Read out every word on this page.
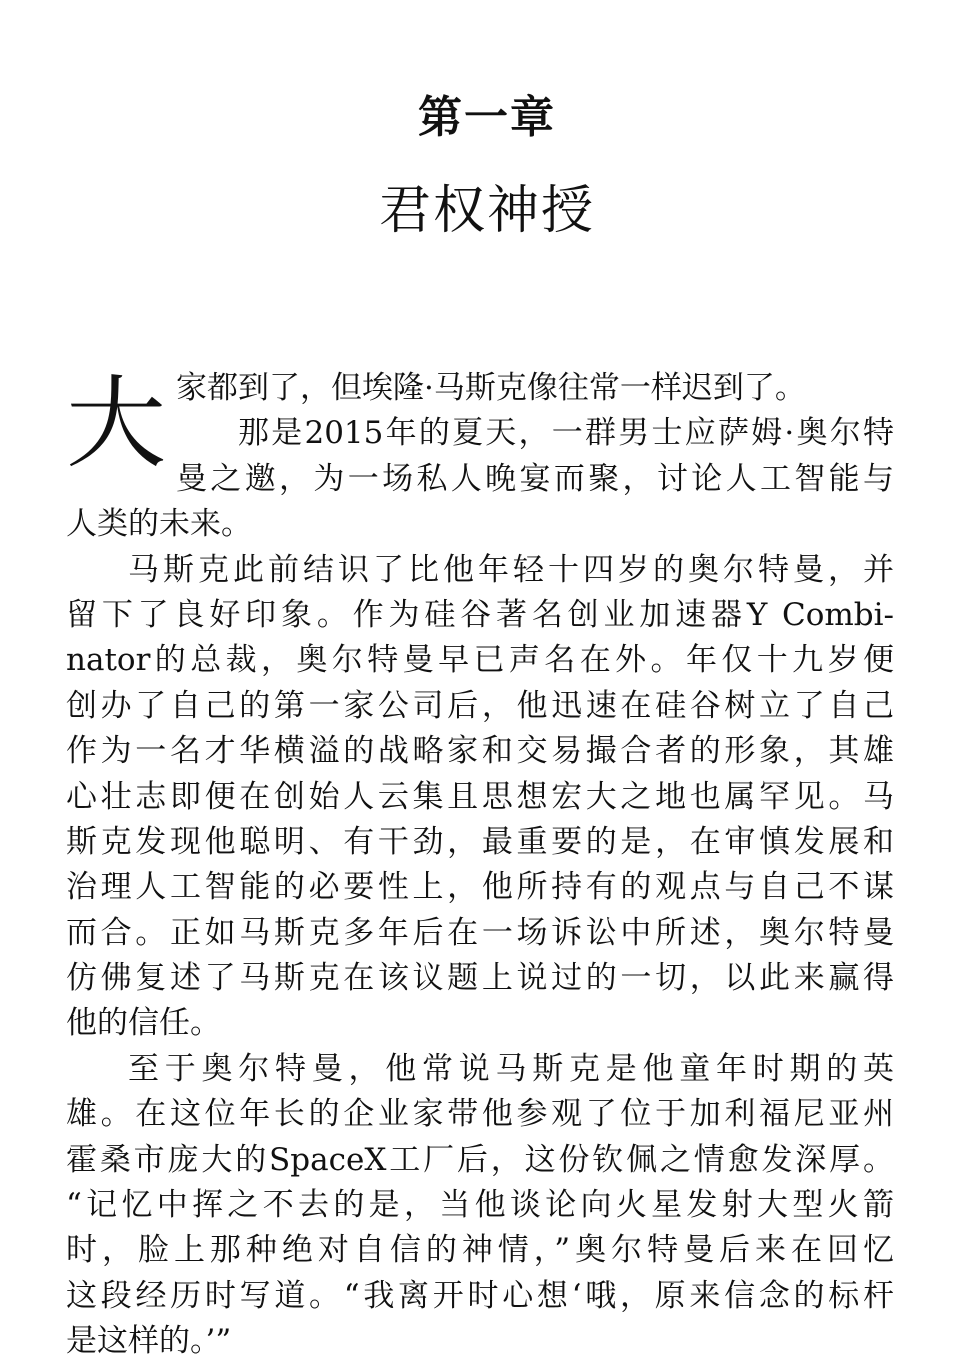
第一章
君权神授
大 家都到了，但埃隆·马斯克像往常一样迟到了。
那是2015年的夏天，一群男士应萨姆·奥尔特
曼之邀，为一场私人晚宴而聚，讨论人工智能与
人类的未来。
马斯克此前结识了比他年轻十四岁的奥尔特曼，并
留下了良好印象。作为硅谷著名创业加速器Y Combi-
nator的总裁，奥尔特曼早已声名在外。年仅十九岁便
创办了自己的第一家公司后，他迅速在硅谷树立了自己
作为一名才华横溢的战略家和交易撮合者的形象，其雄
心壮志即便在创始人云集且思想宏大之地也属罕见。马
斯克发现他聪明、有干劲，最重要的是，在审慎发展和
治理人工智能的必要性上，他所持有的观点与自己不谋
而合。正如马斯克多年后在一场诉讼中所述，奥尔特曼
仿佛复述了马斯克在该议题上说过的一切，以此来赢得
他的信任。
至于奥尔特曼，他常说马斯克是他童年时期的英
雄。在这位年长的企业家带他参观了位于加利福尼亚州
霍桑市庞大的SpaceX工厂后，这份钦佩之情愈发深厚。
“记忆中挥之不去的是，当他谈论向火星发射大型火箭
时，脸上那种绝对自信的神情，”奥尔特曼后来在回忆
这段经历时写道。“我离开时心想‘哦，原来信念的标杆
是这样的。’”
